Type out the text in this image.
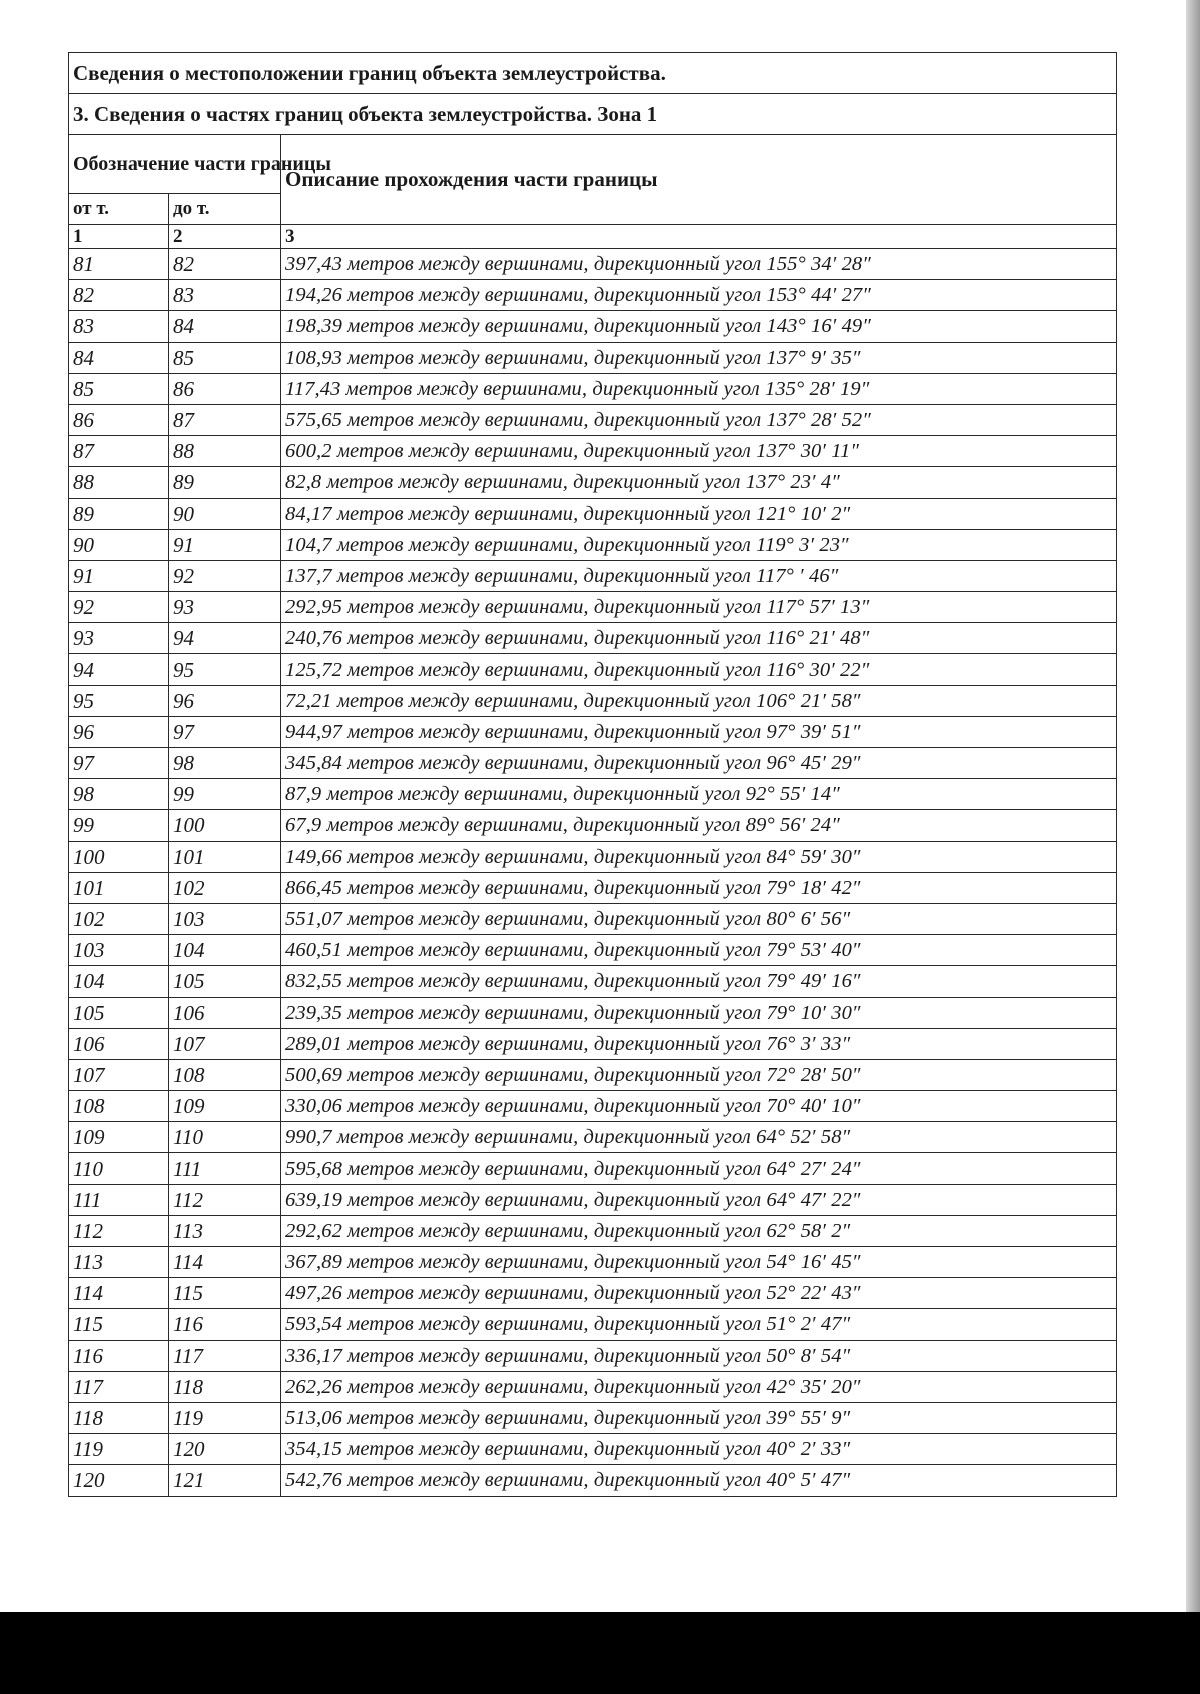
Сведения о местоположении границ объекта землеустройства.		
3. Сведения о частях границ объекта землеустройства. Зона 1		
Обозначение части границы		Описание прохождения части границы
от т.	до т.	
1	2	3
81	82	397,43 метров между вершинами, дирекционный угол 155° 34′ 28″
82	83	194,26 метров между вершинами, дирекционный угол 153° 44′ 27″
83	84	198,39 метров между вершинами, дирекционный угол 143° 16′ 49″
84	85	108,93 метров между вершинами, дирекционный угол 137° 9′ 35″
85	86	117,43 метров между вершинами, дирекционный угол 135° 28′ 19″
86	87	575,65 метров между вершинами, дирекционный угол 137° 28′ 52″
87	88	600,2 метров между вершинами, дирекционный угол 137° 30′ 11″
88	89	82,8 метров между вершинами, дирекционный угол 137° 23′ 4″
89	90	84,17 метров между вершинами, дирекционный угол 121° 10′ 2″
90	91	104,7 метров между вершинами, дирекционный угол 119° 3′ 23″
91	92	137,7 метров между вершинами, дирекционный угол 117° ′ 46″
92	93	292,95 метров между вершинами, дирекционный угол 117° 57′ 13″
93	94	240,76 метров между вершинами, дирекционный угол 116° 21′ 48″
94	95	125,72 метров между вершинами, дирекционный угол 116° 30′ 22″
95	96	72,21 метров между вершинами, дирекционный угол 106° 21′ 58″
96	97	944,97 метров между вершинами, дирекционный угол 97° 39′ 51″
97	98	345,84 метров между вершинами, дирекционный угол 96° 45′ 29″
98	99	87,9 метров между вершинами, дирекционный угол 92° 55′ 14″
99	100	67,9 метров между вершинами, дирекционный угол 89° 56′ 24″
100	101	149,66 метров между вершинами, дирекционный угол 84° 59′ 30″
101	102	866,45 метров между вершинами, дирекционный угол 79° 18′ 42″
102	103	551,07 метров между вершинами, дирекционный угол 80° 6′ 56″
103	104	460,51 метров между вершинами, дирекционный угол 79° 53′ 40″
104	105	832,55 метров между вершинами, дирекционный угол 79° 49′ 16″
105	106	239,35 метров между вершинами, дирекционный угол 79° 10′ 30″
106	107	289,01 метров между вершинами, дирекционный угол 76° 3′ 33″
107	108	500,69 метров между вершинами, дирекционный угол 72° 28′ 50″
108	109	330,06 метров между вершинами, дирекционный угол 70° 40′ 10″
109	110	990,7 метров между вершинами, дирекционный угол 64° 52′ 58″
110	111	595,68 метров между вершинами, дирекционный угол 64° 27′ 24″
111	112	639,19 метров между вершинами, дирекционный угол 64° 47′ 22″
112	113	292,62 метров между вершинами, дирекционный угол 62° 58′ 2″
113	114	367,89 метров между вершинами, дирекционный угол 54° 16′ 45″
114	115	497,26 метров между вершинами, дирекционный угол 52° 22′ 43″
115	116	593,54 метров между вершинами, дирекционный угол 51° 2′ 47″
116	117	336,17 метров между вершинами, дирекционный угол 50° 8′ 54″
117	118	262,26 метров между вершинами, дирекционный угол 42° 35′ 20″
118	119	513,06 метров между вершинами, дирекционный угол 39° 55′ 9″
119	120	354,15 метров между вершинами, дирекционный угол 40° 2′ 33″
120	121	542,76 метров между вершинами, дирекционный угол 40° 5′ 47″
